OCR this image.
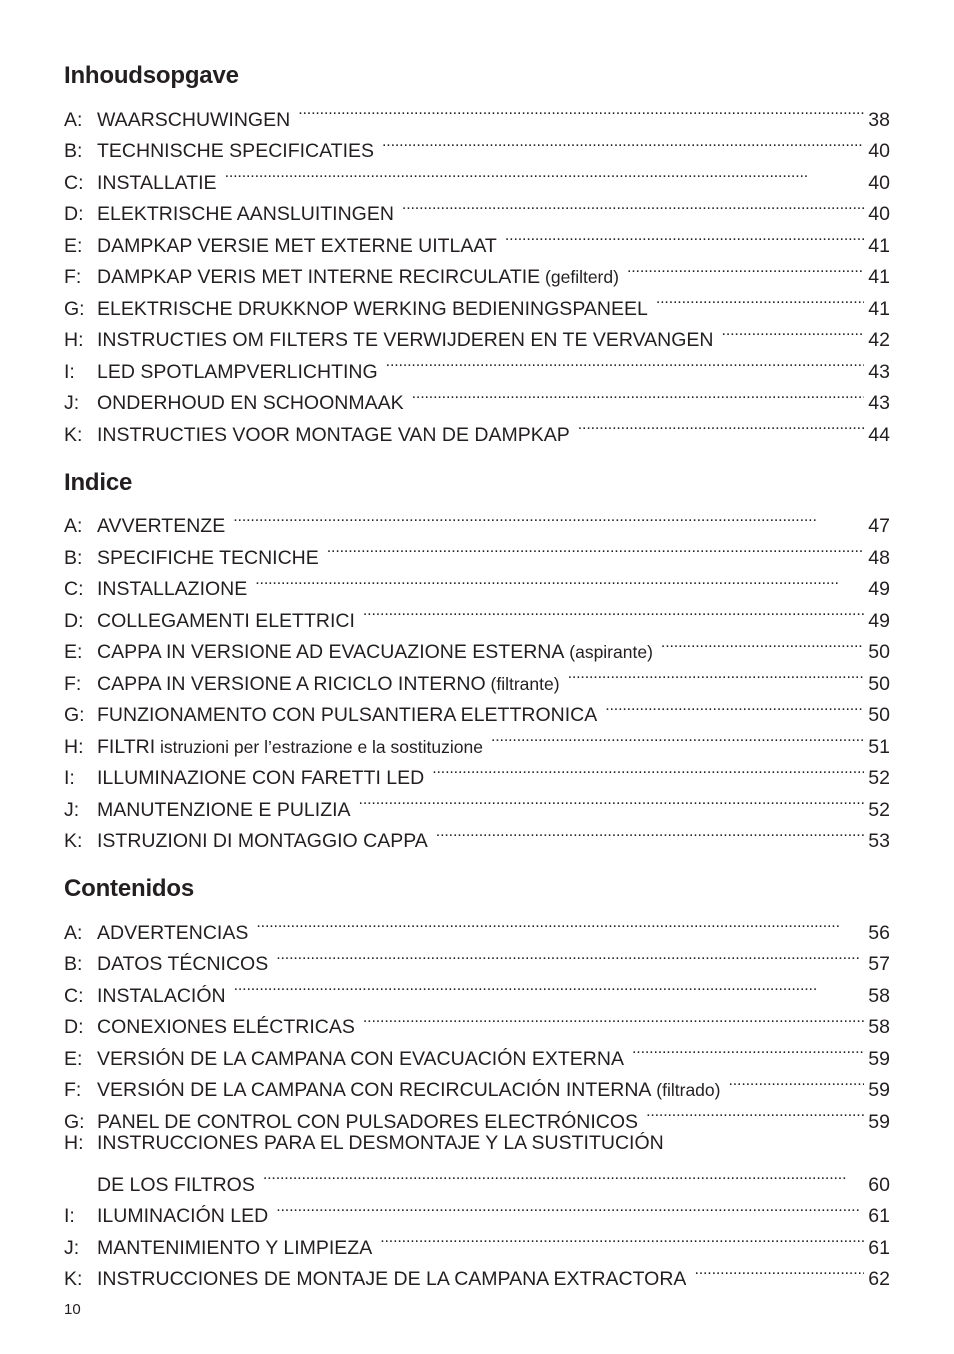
Inhoudsopgave
A: WAARSCHUWINGEN . . .	38
B: TECHNISCHE SPECIFICATIES . . .	40
C: INSTALLATIE . . .	40
D: ELEKTRISCHE AANSLUITINGEN . . .	40
E: DAMPKAP VERSIE MET EXTERNE UITLAAT . . .	41
F: DAMPKAP VERIS MET INTERNE RECIRCULATIE (gefilterd) . . .	41
G: ELEKTRISCHE DRUKKNOP WERKING BEDIENINGSPANEEL . . .	41
H: INSTRUCTIES OM FILTERS TE VERWIJDEREN EN TE VERVANGEN . . .	42
I:	LED SPOTLAMPVERLICHTING . . .	43
J: ONDERHOUD EN SCHOONMAAK . . .	43
K: INSTRUCTIES VOOR MONTAGE VAN DE DAMPKAP . . .	44
Indice
A: AVVERTENZE . . .	47
B: SPECIFICHE TECNICHE . . .	48
C: INSTALLAZIONE . . .	49
D: COLLEGAMENTI ELETTRICI . . .	49
E: CAPPA IN VERSIONE AD EVACUAZIONE ESTERNA (aspirante) . . .	50
F: CAPPA IN VERSIONE A RICICLO INTERNO (filtrante) . . .	50
G: FUNZIONAMENTO CON PULSANTIERA ELETTRONICA . . .	50
H: FILTRI istruzioni per l’estrazione e la sostituzione . . .	51
I:	ILLUMINAZIONE CON FARETTI LED . . .	52
J: MANUTENZIONE E PULIZIA . . .	52
K: ISTRUZIONI DI MONTAGGIO CAPPA . . .	53
Contenidos
A: ADVERTENCIAS . . .	56
B: DATOS TÉCNICOS . . .	57
C: INSTALACIÓN . . .	58
D: CONEXIONES ELÉCTRICAS . . .	58
E: VERSIÓN DE LA CAMPANA CON EVACUACIÓN EXTERNA . . .	59
F: VERSIÓN DE LA CAMPANA CON RECIRCULACIÓN INTERNA (filtrado) . . .	59
G: PANEL DE CONTROL CON PULSADORES ELECTRÓNICOS . . .	59
H: INSTRUCCIONES PARA EL DESMONTAJE Y LA SUSTITUCIÓN
DE LOS FILTROS . . .	60
I:	ILUMINACIÓN LED . . .	61
J: MANTENIMIENTO Y LIMPIEZA . . .	61
K: INSTRUCCIONES DE MONTAJE DE LA CAMPANA EXTRACTORA . . .	62
10
